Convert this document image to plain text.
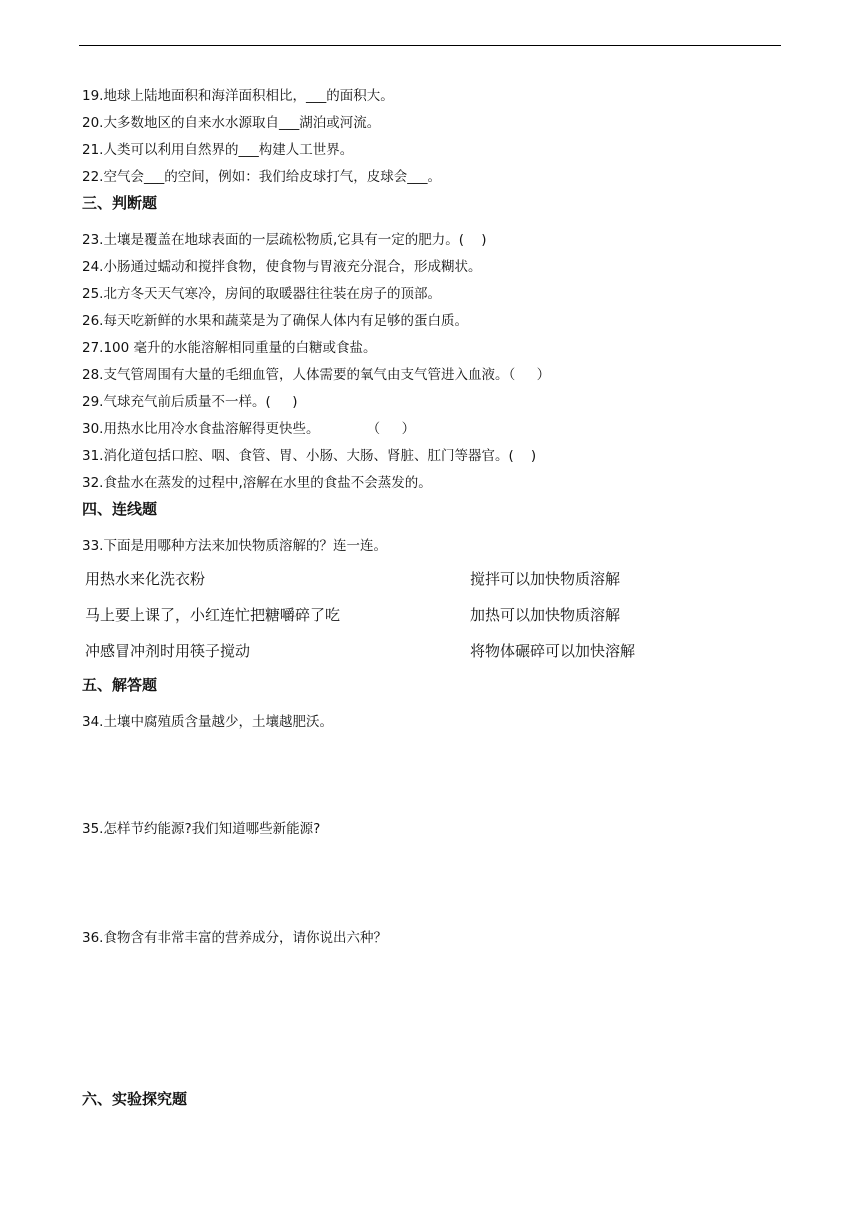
19.地球上陆地面积和海洋面积相比，___的面积大。
20.大多数地区的自来水水源取自___湖泊或河流。
21.人类可以利用自然界的___构建人工世界。
22.空气会___的空间，例如：我们给皮球打气，皮球会___。
三、判断题
23.土壤是覆盖在地球表面的一层疏松物质,它具有一定的肥力。(    )
24.小肠通过蠕动和搅拌食物，使食物与胃液充分混合，形成糊状。
25.北方冬天天气寒冷，房间的取暖器往往装在房子的顶部。
26.每天吃新鲜的水果和蔬菜是为了确保人体内有足够的蛋白质。
27.100 毫升的水能溶解相同重量的白糖或食盐。
28.支气管周围有大量的毛细血管，人体需要的氧气由支气管进入血液。（     ）
29.气球充气前后质量不一样。(     )
30.用热水比用冷水食盐溶解得更快些。           （     ）
31.消化道包括口腔、咽、食管、胃、小肠、大肠、肾脏、肛门等器官。(    )
32.食盐水在蒸发的过程中,溶解在水里的食盐不会蒸发的。
四、连线题
33.下面是用哪种方法来加快物质溶解的？连一连。
用热水来化洗衣粉
马上要上课了，小红连忙把糖嚼碎了吃
冲感冒冲剂时用筷子搅动
搅拌可以加快物质溶解
加热可以加快物质溶解
将物体碾碎可以加快溶解
五、解答题
34.土壤中腐殖质含量越少，土壤越肥沃。
35.怎样节约能源?我们知道哪些新能源?
36.食物含有非常丰富的营养成分，请你说出六种？
六、实验探究题
